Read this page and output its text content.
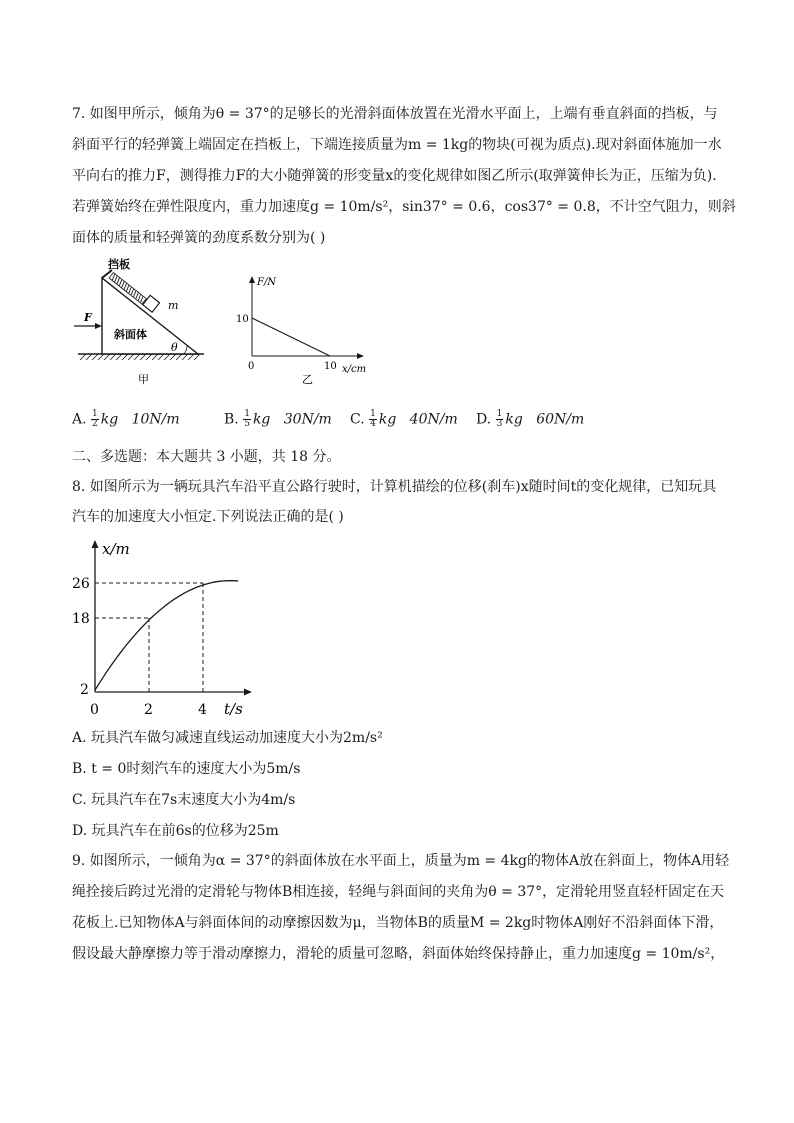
7. 如图甲所示，倾角为θ = 37°的足够长的光滑斜面体放置在光滑水平面上，上端有垂直斜面的挡板，与
斜面平行的轻弹簧上端固定在挡板上，下端连接质量为m = 1kg的物块(可视为质点).现对斜面体施加一水
平向右的推力F，测得推力F的大小随弹簧的形变量x的变化规律如图乙所示(取弹簧伸长为正，压缩为负).
若弹簧始终在弹性限度内，重力加速度g = 10m/s²，sin37° = 0.6，cos37° = 0.8，不计空气阻力，则斜
面体的质量和轻弹簧的劲度系数分别为( )
挡板
m
F
斜面体
θ
甲
F/N
10
0	10 x/cm
乙
A. $\frac{1}{2}$ kg 10N/m	B. $\frac{1}{5}$ kg 30N/m C. $\frac{1}{4}$ kg 40N/m D. $\frac{1}{3}$ kg 60N/m
二、多选题：本大题共 3 小题，共 18 分。
8. 如图所示为一辆玩具汽车沿平直公路行驶时，计算机描绘的位移(刹车)x随时间t的变化规律，已知玩具
汽车的加速度大小恒定.下列说法正确的是( )
x/m
26
18
2
0	2	4 t/s
A. 玩具汽车做匀减速直线运动加速度大小为2m/s²
B. t = 0时刻汽车的速度大小为5m/s
C. 玩具汽车在7s末速度大小为4m/s
D. 玩具汽车在前6s的位移为25m
9. 如图所示，一倾角为α = 37°的斜面体放在水平面上，质量为m = 4kg的物体A放在斜面上，物体A用轻
绳拴接后跨过光滑的定滑轮与物体B相连接，轻绳与斜面间的夹角为θ = 37°，定滑轮用竖直轻杆固定在天
花板上.已知物体A与斜面体间的动摩擦因数为μ，当物体B的质量M = 2kg时物体A刚好不沿斜面体下滑，
假设最大静摩擦力等于滑动摩擦力，滑轮的质量可忽略，斜面体始终保持静止，重力加速度g = 10m/s²，
